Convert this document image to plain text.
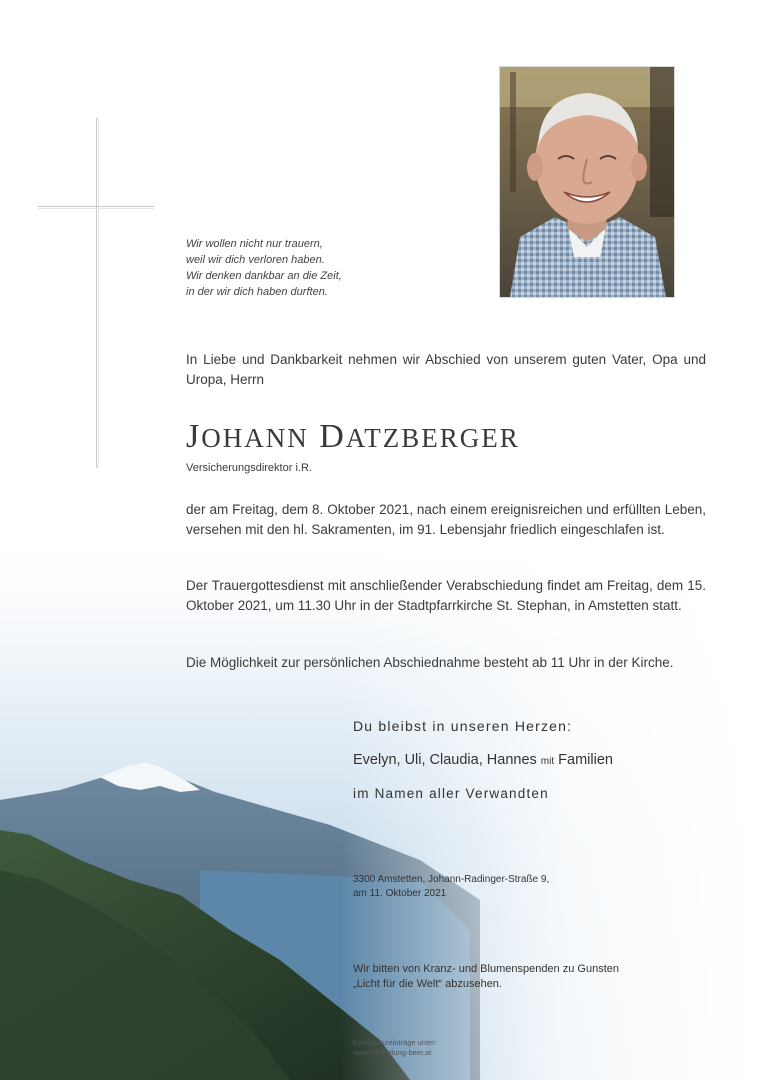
Wir wollen nicht nur trauern,
weil wir dich verloren haben.
Wir denken dankbar an die Zeit,
in der wir dich haben durften.
In Liebe und Dankbarkeit nehmen wir Abschied von unserem guten Vater, Opa und Uropa, Herrn
JOHANN DATZBERGER
Versicherungsdirektor i.R.
der am Freitag, dem 8. Oktober 2021, nach einem ereignisreichen und erfüllten Leben, versehen mit den hl. Sakramenten, im 91. Lebensjahr friedlich eingeschlafen ist.
Der Trauergottesdienst mit anschließender Verabschiedung findet am Freitag, dem 15. Oktober 2021, um 11.30 Uhr in der Stadtpfarrkirche St. Stephan, in Amstetten statt.
Die Möglichkeit zur persönlichen Abschiednahme besteht ab 11 Uhr in der Kirche.
Du bleibst in unseren Herzen:
Evelyn, Uli, Claudia, Hannes mit Familien
im Namen aller Verwandten
3300 Amstetten, Johann-Radinger-Straße 9,
am 11. Oktober 2021
Wir bitten von Kranz- und Blumenspenden zu Gunsten
„Licht für die Welt“ abzusehen.
Kondolenzeinträge unter:
www.bestattung-beer.at
